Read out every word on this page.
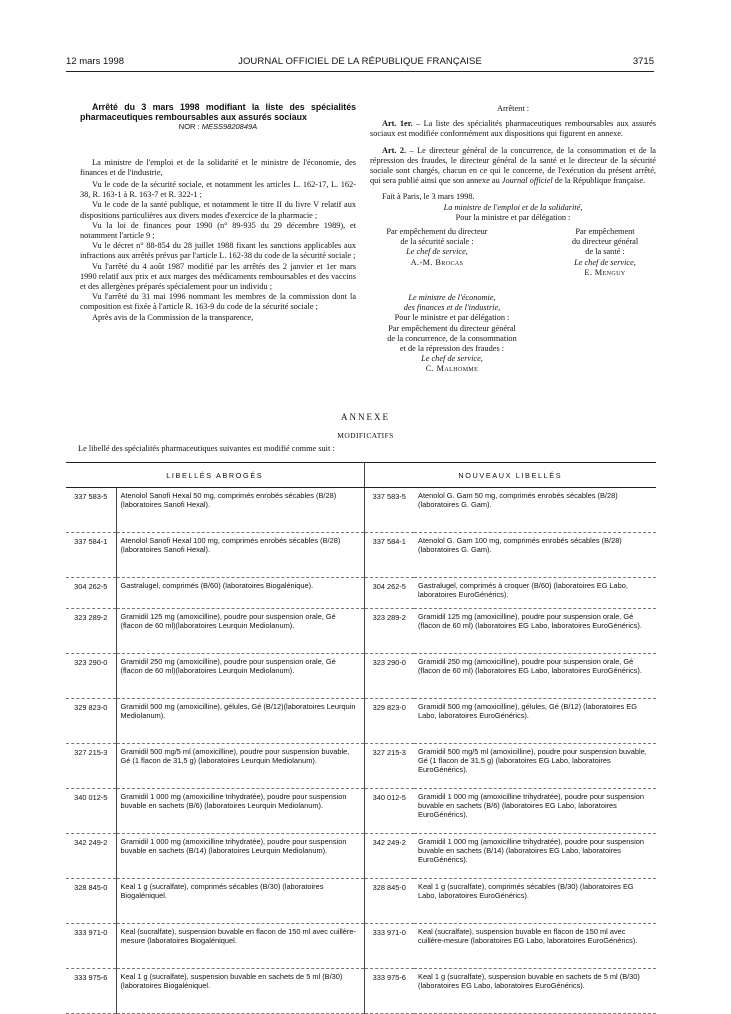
12 mars 1998	JOURNAL OFFICIEL DE LA RÉPUBLIQUE FRANÇAISE	3715

Arrêté du 3 mars 1998 modifiant la liste des spécialités pharmaceutiques remboursables aux assurés sociaux

NOR : MESS9820849A

La ministre de l'emploi et de la solidarité et le ministre de l'économie, des finances et de l'industrie,

Vu le code de la sécurité sociale, et notamment les articles L. 162-17, L. 162-38, R. 163-1 à R. 163-7 et R. 322-1 ;

Vu le code de la santé publique, et notamment le titre II du livre V relatif aux dispositions particulières aux divers modes d'exercice de la pharmacie ;

Vu la loi de finances pour 1990 (n° 89-935 du 29 décembre 1989), et notamment l'article 9 ;

Vu le décret n° 88-854 du 28 juillet 1988 fixant les sanctions applicables aux infractions aux arrêtés prévus par l'article L. 162-38 du code de la sécurité sociale ;

Vu l'arrêté du 4 août 1987 modifié par les arrêtés des 2 janvier et 1er mars 1990 relatif aux prix et aux marges des médicaments remboursables et des vaccins et des allergènes préparés spécialement pour un individu ;

Vu l'arrêté du 31 mai 1996 nommant les membres de la commission dont la composition est fixée à l'article R. 163-9 du code de la sécurité sociale ;

Après avis de la Commission de la transparence,

Arrêtent :

Art. 1er. – La liste des spécialités pharmaceutiques remboursables aux assurés sociaux est modifiée conformément aux dispositions qui figurent en annexe.

Art. 2. – Le directeur général de la concurrence, de la consommation et de la répression des fraudes, le directeur général de la santé et le directeur de la sécurité sociale sont chargés, chacun en ce qui le concerne, de l'exécution du présent arrêté, qui sera publié ainsi que son annexe au Journal officiel de la République française.

Fait à Paris, le 3 mars 1998.

La ministre de l'emploi et de la solidarité,

Pour la ministre et par délégation :

Par empêchement du directeur
de la sécurité sociale :
Le chef de service,
A.-M. Brocas
Par empêchement
du directeur général
de la santé :
Le chef de service,
E. Menguy
Le ministre de l'économie,
des finances et de l'industrie,
Pour le ministre et par délégation :
Par empêchement du directeur général
de la concurrence, de la consommation
et de la répression des fraudes :
Le chef de service,
C. Malhomme
ANNEXE
MODIFICATIFS
Le libellé des spécialités pharmaceutiques suivantes est modifié comme suit :
LIBELLÉS ABROGÉS		NOUVEAUX LIBELLÉS	
337 583-5	Atenolol Sanofi Hexal 50 mg, comprimés enrobés sécables (B/28) (laboratoires Sanofi Hexal).	337 583-5	Atenolol G. Gam 50 mg, comprimés enrobés sécables (B/28) (laboratoires G. Gam).
337 584-1	Atenolol Sanofi Hexal 100 mg, comprimés enrobés sécables (B/28) (laboratoires Sanofi Hexal).	337 584-1	Atenolol G. Gam 100 mg, comprimés enrobés sécables (B/28) (laboratoires G. Gam).
304 262-5	Gastralugel, comprimés (B/60) (laboratoires Biogalénique).	304 262-5	Gastralugel, comprimés à croquer (B/60) (laboratoires EG Labo, laboratoires EuroGénérics).
323 289-2	Gramidil 125 mg (amoxicilline), poudre pour suspension orale, Gé (flacon de 60 ml)(laboratoires Leurquin Mediolanum).	323 289-2	Gramidil 125 mg (amoxicilline), poudre pour suspension orale, Gé (flacon de 60 ml) (laboratoires EG Labo, laboratoires EuroGénérics).
323 290-0	Gramidil 250 mg (amoxicilline), poudre pour suspension orale, Gé (flacon de 60 ml)(laboratoires Leurquin Mediolanum).	323 290-0	Gramidil 250 mg (amoxicilline), poudre pour suspension orale, Gé (flacon de 60 ml) (laboratoires EG Labo, laboratoires EuroGénérics).
329 823-0	Gramidil 500 mg (amoxicilline), gélules, Gé (B/12)(laboratoires Leurquin Mediolanum).	329 823-0	Gramidil 500 mg (amoxicilline), gélules, Gé (B/12) (laboratoires EG Labo, laboratoires EuroGénérics).
327 215-3	Gramidil 500 mg/5 ml (amoxicilline), poudre pour suspension buvable, Gé (1 flacon de 31,5 g) (laboratoires Leurquin Mediolanum).	327 215-3	Gramidil 500 mg/5 ml (amoxicilline), poudre pour suspension buvable, Gé (1 flacon de 31,5 g) (laboratoires EG Labo, laboratoires EuroGénérics).
340 012-5	Gramidil 1 000 mg (amoxicilline trihydratée), poudre pour suspension buvable en sachets (B/6) (laboratoires Leurquin Mediolanum).	340 012-5	Gramidil 1 000 mg (amoxicilline trihydratée), poudre pour suspension buvable en sachets (B/6) (laboratoires EG Labo, laboratoires EuroGénérics).
342 249-2	Gramidil 1 000 mg (amoxicilline trihydratée), poudre pour suspension buvable en sachets (B/14) (laboratoires Leurquin Mediolanum).	342 249-2	Gramidil 1 000 mg (amoxicilline trihydratée), poudre pour suspension buvable en sachets (B/14) (laboratoires EG Labo, laboratoires EuroGénérics).
328 845-0	Keal 1 g (sucralfate), comprimés sécables (B/30) (laboratoires Biogaléniquel.	328 845-0	Keal 1 g (sucralfate), comprimés sécables (B/30) (laboratoires EG Labo, laboratoires EuroGénérics).
333 971-0	Keal (sucralfate), suspension buvable en flacon de 150 ml avec cuillère-mesure (laboratoires Biogaléniquel.	333 971-0	Keal (sucralfate), suspension buvable en flacon de 150 ml avec cuillère-mesure (laboratoires EG Labo, laboratoires EuroGénérics).
333 975-6	Keal 1 g (sucralfate), suspension buvable en sachets de 5 ml (B/30) (laboratoires Biogaléniquel.	333 975-6	Keal 1 g (sucralfate), suspension buvable en sachets de 5 ml (B/30) (laboratoires EG Labo, laboratoires EuroGénérics).
